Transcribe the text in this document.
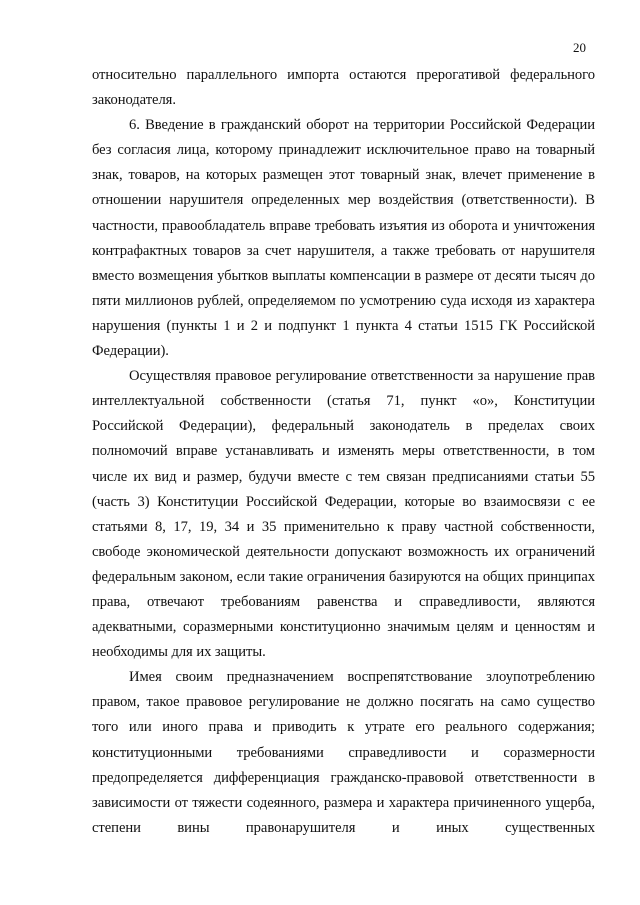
20

относительно параллельного импорта остаются прерогативой федерального законодателя.

6. Введение в гражданский оборот на территории Российской Федерации без согласия лица, которому принадлежит исключительное право на товарный знак, товаров, на которых размещен этот товарный знак, влечет применение в отношении нарушителя определенных мер воздействия (ответственности). В частности, правообладатель вправе требовать изъятия из оборота и уничтожения контрафактных товаров за счет нарушителя, а также требовать от нарушителя вместо возмещения убытков выплаты компенсации в размере от десяти тысяч до пяти миллионов рублей, определяемом по усмотрению суда исходя из характера нарушения (пункты 1 и 2 и подпункт 1 пункта 4 статьи 1515 ГК Российской Федерации).

Осуществляя правовое регулирование ответственности за нарушение прав интеллектуальной собственности (статья 71, пункт «о», Конституции Российской Федерации), федеральный законодатель в пределах своих полномочий вправе устанавливать и изменять меры ответственности, в том числе их вид и размер, будучи вместе с тем связан предписаниями статьи 55 (часть 3) Конституции Российской Федерации, которые во взаимосвязи с ее статьями 8, 17, 19, 34 и 35 применительно к праву частной собственности, свободе экономической деятельности допускают возможность их ограничений федеральным законом, если такие ограничения базируются на общих принципах права, отвечают требованиям равенства и справедливости, являются адекватными, соразмерными конституционно значимым целям и ценностям и необходимы для их защиты.

Имея своим предназначением воспрепятствование злоупотреблению правом, такое правовое регулирование не должно посягать на само существо того или иного права и приводить к утрате его реального содержания; конституционными требованиями справедливости и соразмерности предопределяется дифференциация гражданско-правовой ответственности в зависимости от тяжести содеянного, размера и характера причиненного ущерба, степени вины правонарушителя и иных существенных
